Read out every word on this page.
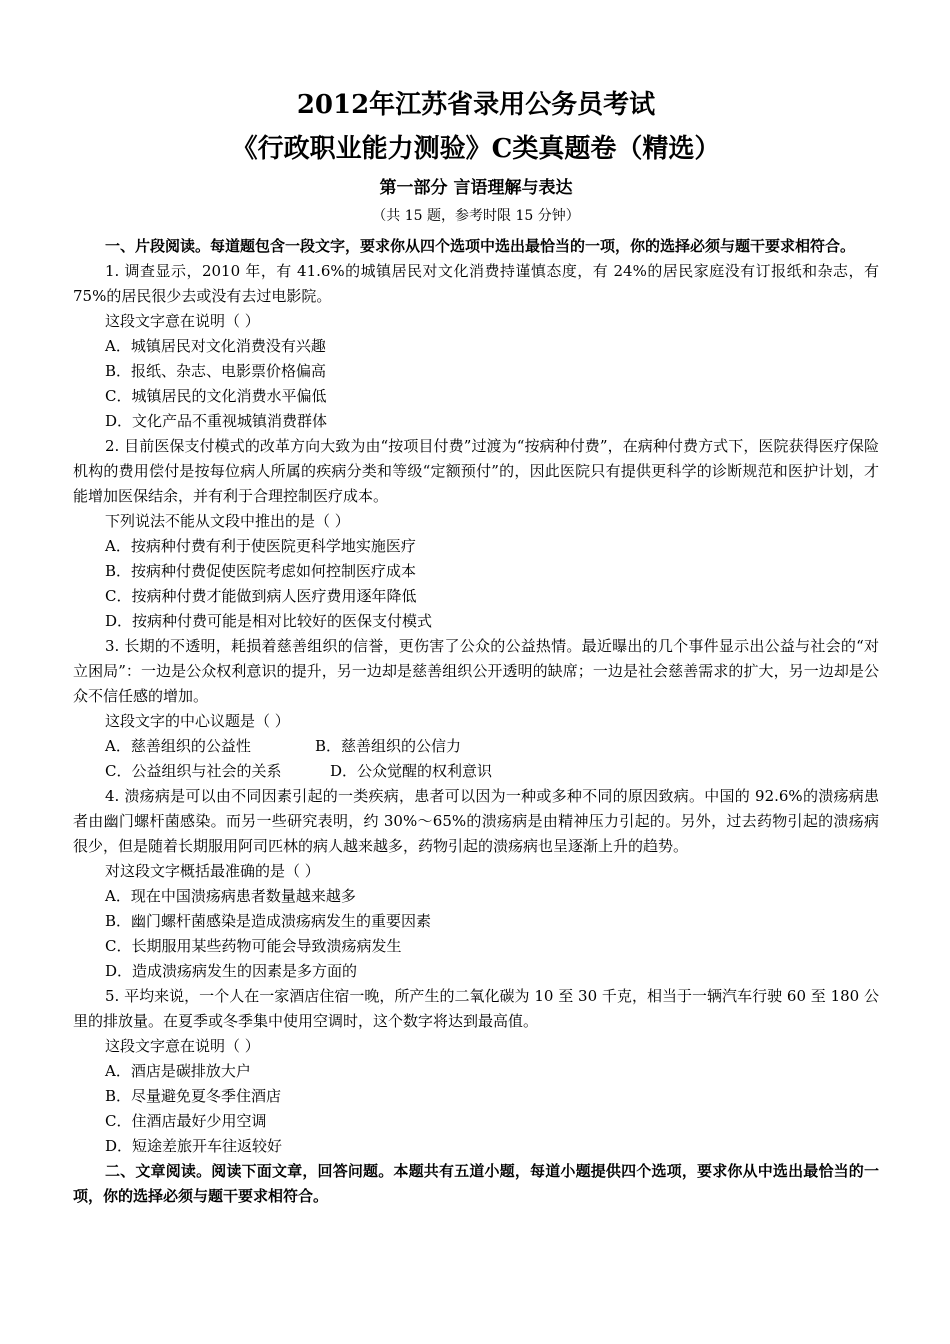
2012年江苏省录用公务员考试
《行政职业能力测验》C类真题卷（精选）
第一部分 言语理解与表达
（共 15 题，参考时限 15 分钟）

一、片段阅读。每道题包含一段文字，要求你从四个选项中选出最恰当的一项，你的选择必须与题干要求相符合。

1. 调查显示，2010 年，有 41.6%的城镇居民对文化消费持谨慎态度，有 24%的居民家庭没有订报纸和杂志，有 75%的居民很少去或没有去过电影院。

这段文字意在说明（ ）

A．城镇居民对文化消费没有兴趣

B．报纸、杂志、电影票价格偏高

C．城镇居民的文化消费水平偏低

D．文化产品不重视城镇消费群体

2. 目前医保支付模式的改革方向大致为由“按项目付费”过渡为“按病种付费”，在病种付费方式下，医院获得医疗保险机构的费用偿付是按每位病人所属的疾病分类和等级“定额预付”的，因此医院只有提供更科学的诊断规范和医护计划，才能增加医保结余，并有利于合理控制医疗成本。

下列说法不能从文段中推出的是（ ）

A．按病种付费有利于使医院更科学地实施医疗

B．按病种付费促使医院考虑如何控制医疗成本

C．按病种付费才能做到病人医疗费用逐年降低

D．按病种付费可能是相对比较好的医保支付模式

3. 长期的不透明，耗损着慈善组织的信誉，更伤害了公众的公益热情。最近曝出的几个事件显示出公益与社会的“对立困局”：一边是公众权利意识的提升，另一边却是慈善组织公开透明的缺席；一边是社会慈善需求的扩大，另一边却是公众不信任感的增加。

这段文字的中心议题是（ ）

A．慈善组织的公益性	B．慈善组织的公信力

C．公益组织与社会的关系	D．公众觉醒的权利意识

4. 溃疡病是可以由不同因素引起的一类疾病，患者可以因为一种或多种不同的原因致病。中国的 92.6%的溃疡病患者由幽门螺杆菌感染。而另一些研究表明，约 30%～65%的溃疡病是由精神压力引起的。另外，过去药物引起的溃疡病很少，但是随着长期服用阿司匹林的病人越来越多，药物引起的溃疡病也呈逐渐上升的趋势。

对这段文字概括最准确的是（ ）

A．现在中国溃疡病患者数量越来越多

B．幽门螺杆菌感染是造成溃疡病发生的重要因素

C．长期服用某些药物可能会导致溃疡病发生

D．造成溃疡病发生的因素是多方面的

5. 平均来说，一个人在一家酒店住宿一晚，所产生的二氧化碳为 10 至 30 千克，相当于一辆汽车行驶 60 至 180 公里的排放量。在夏季或冬季集中使用空调时，这个数字将达到最高值。

这段文字意在说明（ ）

A．酒店是碳排放大户

B．尽量避免夏冬季住酒店

C．住酒店最好少用空调

D．短途差旅开车往返较好

二、文章阅读。阅读下面文章，回答问题。本题共有五道小题，每道小题提供四个选项，要求你从中选出最恰当的一项，你的选择必须与题干要求相符合。
